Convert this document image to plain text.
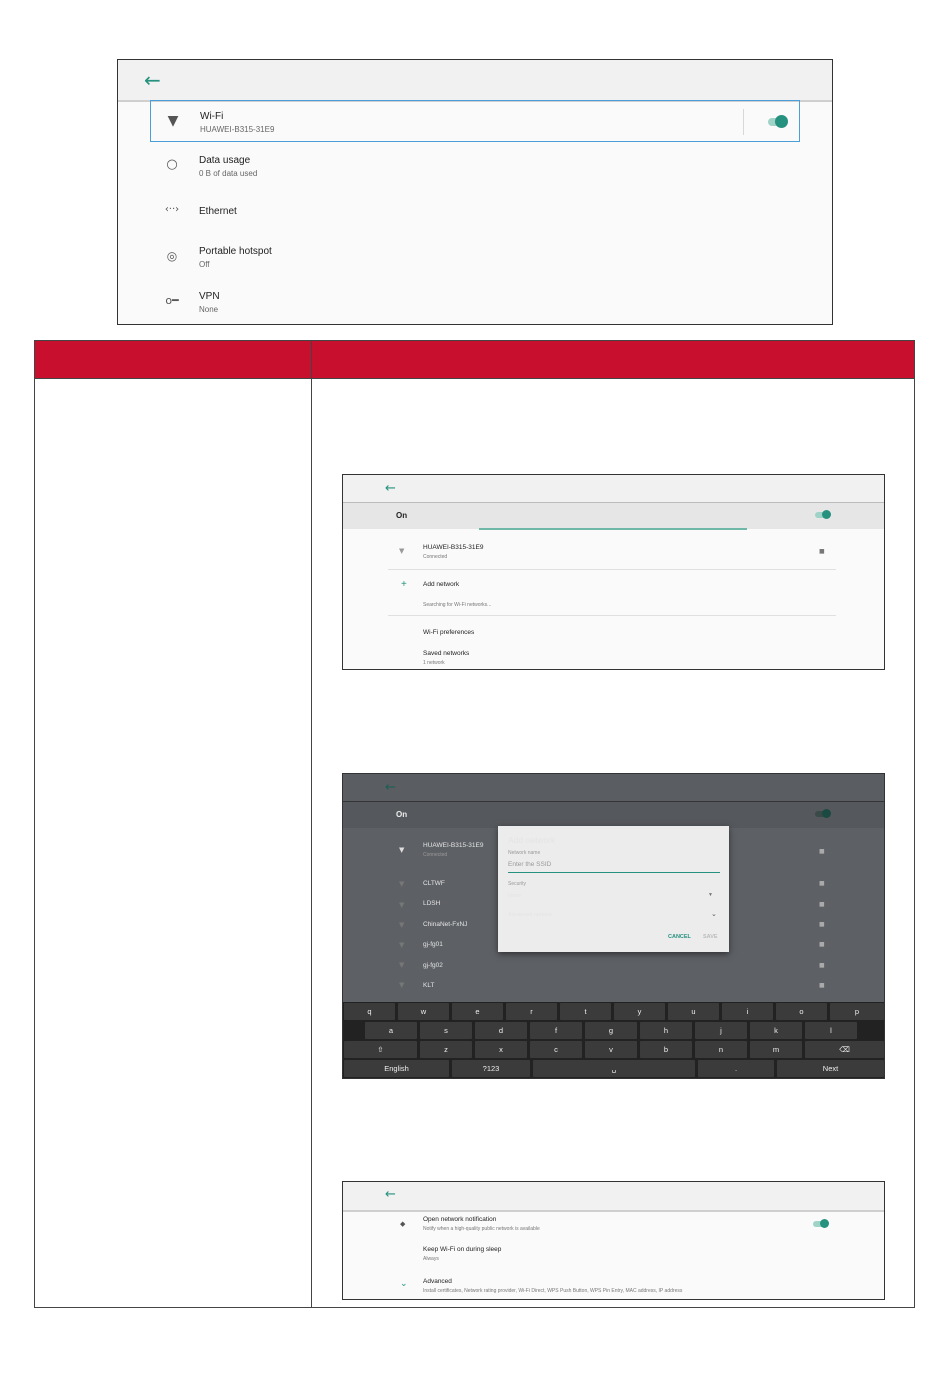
←
▼	Wi-Fi
HUAWEI-B315-31E9
○	Data usage
0 B of data used
‹··› Ethernet
◎	Portable hotspot
Off
o━	VPN
None
←
On
▼	HUAWEI-B315-31E9
Connected
■
+ Add network
Searching for Wi-Fi networks...
Wi-Fi preferences
Saved networks
1 network
←
On
▼
HUAWEI-B315-31E9
Connected	■
▼	CLTWF	■
▼	LDSH	■
▼	ChinaNet-FxNJ	■
▼	gj-fg01	■
▼	gj-fg02	■
▼	KLT	■
Add network
Network name
Enter the SSID
Security
None	▼
Advanced options	⌄
CANCEL SAVE
q	w	e	r	t	y	u	i	o	p
a	s	d	f	g	h	j	k	l
⇧	z	x	c	v	b	n	m	⌫
English	?123	␣	.	Next
←
◆
Open network notification
Notify when a high-quality public network is available
Keep Wi-Fi on during sleep
Always
⌄ Advanced
Install certificates, Network rating provider, Wi-Fi Direct, WPS Push Button, WPS Pin Entry, MAC address, IP address
